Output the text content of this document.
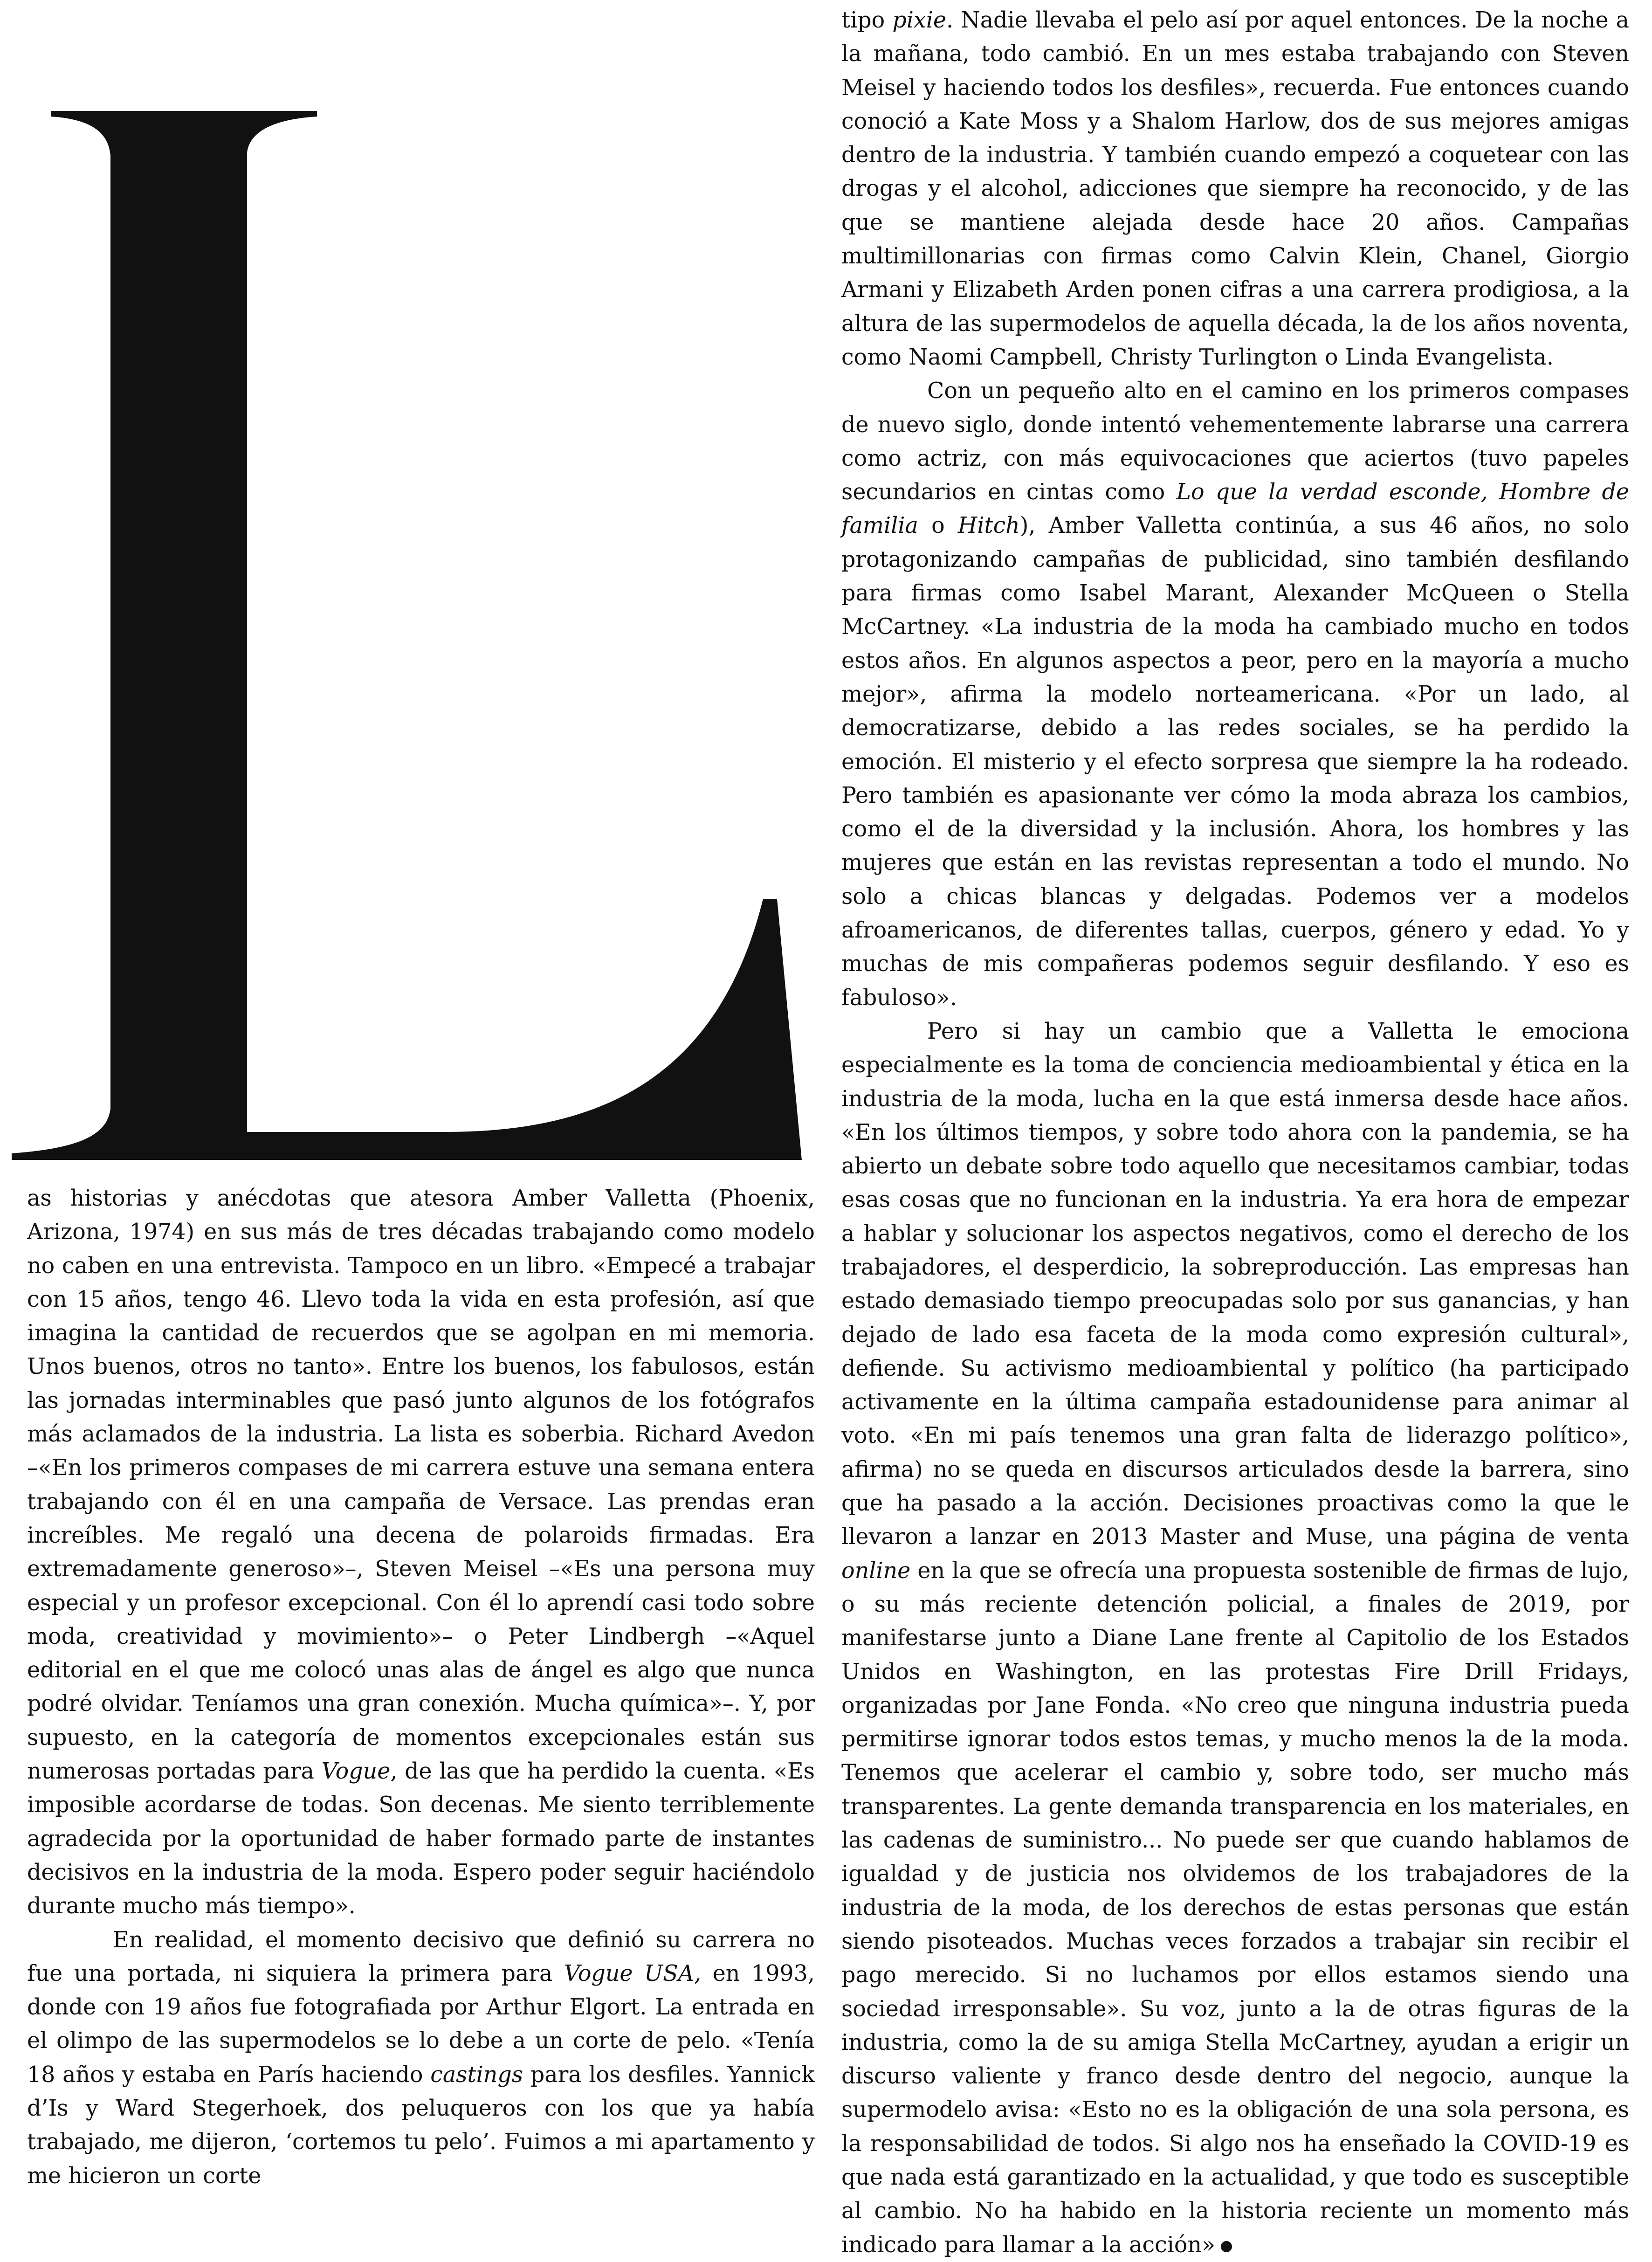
as historias y anécdotas que atesora Amber Valletta (Phoenix, Arizona, 1974) en sus más de tres décadas trabajando como modelo no caben en una entrevista. Tampoco en un libro. «Empecé a trabajar con 15 años, tengo 46. Llevo toda la vida en esta profesión, así que imagina la cantidad de recuerdos que se agolpan en mi memoria. Unos buenos, otros no tanto». Entre los buenos, los fabulosos, están las jornadas interminables que pasó junto algunos de los fotógrafos más aclamados de la industria. La lista es soberbia. Richard Avedon –«En los primeros compases de mi carrera estuve una semana entera trabajando con él en una campaña de Versace. Las prendas eran increíbles. Me regaló una decena de polaroids firmadas. Era extremadamente generoso»–, Steven Meisel –«Es una persona muy especial y un profesor excepcional. Con él lo aprendí casi todo sobre moda, creatividad y movimiento»– o Peter Lindbergh –«Aquel editorial en el que me colocó unas alas de ángel es algo que nunca podré olvidar. Teníamos una gran conexión. Mucha química»–. Y, por supuesto, en la categoría de momentos excepcionales están sus numerosas portadas para Vogue, de las que ha perdido la cuenta. «Es imposible acordarse de todas. Son decenas. Me siento terriblemente agradecida por la oportunidad de haber formado parte de instantes decisivos en la industria de la moda. Espero poder seguir haciéndolo durante mucho más tiempo».

En realidad, el momento decisivo que definió su carrera no fue una portada, ni siquiera la primera para Vogue USA, en 1993, donde con 19 años fue fotografiada por Arthur Elgort. La entrada en el olimpo de las supermodelos se lo debe a un corte de pelo. «Tenía 18 años y estaba en París haciendo castings para los desfiles. Yannick d’Is y Ward Stegerhoek, dos peluqueros con los que ya había trabajado, me dijeron, ‘cortemos tu pelo’. Fuimos a mi apartamento y me hicieron un corte

tipo pixie. Nadie llevaba el pelo así por aquel entonces. De la noche a la mañana, todo cambió. En un mes estaba trabajando con Steven Meisel y haciendo todos los desfiles», recuerda. Fue entonces cuando conoció a Kate Moss y a Shalom Harlow, dos de sus mejores amigas dentro de la industria. Y también cuando empezó a coquetear con las drogas y el alcohol, adicciones que siempre ha reconocido, y de las que se mantiene alejada desde hace 20 años. Campañas multimillonarias con firmas como Calvin Klein, Chanel, Giorgio Armani y Elizabeth Arden ponen cifras a una carrera prodigiosa, a la altura de las supermodelos de aquella década, la de los años noventa, como Naomi Campbell, Christy Turlington o Linda Evangelista.

Con un pequeño alto en el camino en los primeros compases de nuevo siglo, donde intentó vehementemente labrarse una carrera como actriz, con más equivocaciones que aciertos (tuvo papeles secundarios en cintas como Lo que la verdad esconde, Hombre de familia o Hitch), Amber Valletta continúa, a sus 46 años, no solo protagonizando campañas de publicidad, sino también desfilando para firmas como Isabel Marant, Alexander McQueen o Stella McCartney. «La industria de la moda ha cambiado mucho en todos estos años. En algunos aspectos a peor, pero en la mayoría a mucho mejor», afirma la modelo norteamericana. «Por un lado, al democratizarse, debido a las redes sociales, se ha perdido la emoción. El misterio y el efecto sorpresa que siempre la ha rodeado. Pero también es apasionante ver cómo la moda abraza los cambios, como el de la diversidad y la inclusión. Ahora, los hombres y las mujeres que están en las revistas representan a todo el mundo. No solo a chicas blancas y delgadas. Podemos ver a modelos afroamericanos, de diferentes tallas, cuerpos, género y edad. Yo y muchas de mis compañeras podemos seguir desfilando. Y eso es fabuloso».

Pero si hay un cambio que a Valletta le emociona especialmente es la toma de conciencia medioambiental y ética en la industria de la moda, lucha en la que está inmersa desde hace años. «En los últimos tiempos, y sobre todo ahora con la pandemia, se ha abierto un debate sobre todo aquello que necesitamos cambiar, todas esas cosas que no funcionan en la industria. Ya era hora de empezar a hablar y solucionar los aspectos negativos, como el derecho de los trabajadores, el desperdicio, la sobreproducción. Las empresas han estado demasiado tiempo preocupadas solo por sus ganancias, y han dejado de lado esa faceta de la moda como expresión cultural», defiende. Su activismo medioambiental y político (ha participado activamente en la última campaña estadounidense para animar al voto. «En mi país tenemos una gran falta de liderazgo político», afirma) no se queda en discursos articulados desde la barrera, sino que ha pasado a la acción. Decisiones proactivas como la que le llevaron a lanzar en 2013 Master and Muse, una página de venta online en la que se ofrecía una propuesta sostenible de firmas de lujo, o su más reciente detención policial, a finales de 2019, por manifestarse junto a Diane Lane frente al Capitolio de los Estados Unidos en Washington, en las protestas Fire Drill Fridays, organizadas por Jane Fonda. «No creo que ninguna industria pueda permitirse ignorar todos estos temas, y mucho menos la de la moda. Tenemos que acelerar el cambio y, sobre todo, ser mucho más transparentes. La gente demanda transparencia en los materiales, en las cadenas de suministro... No puede ser que cuando hablamos de igualdad y de justicia nos olvidemos de los trabajadores de la industria de la moda, de los derechos de estas personas que están siendo pisoteados. Muchas veces forzados a trabajar sin recibir el pago merecido. Si no luchamos por ellos estamos siendo una sociedad irresponsable». Su voz, junto a la de otras figuras de la industria, como la de su amiga Stella McCartney, ayudan a erigir un discurso valiente y franco desde dentro del negocio, aunque la supermodelo avisa: «Esto no es la obligación de una sola persona, es la responsabilidad de todos. Si algo nos ha enseñado la COVID-19 es que nada está garantizado en la actualidad, y que todo es susceptible al cambio. No ha habido en la historia reciente un momento más indicado para llamar a la acción»
